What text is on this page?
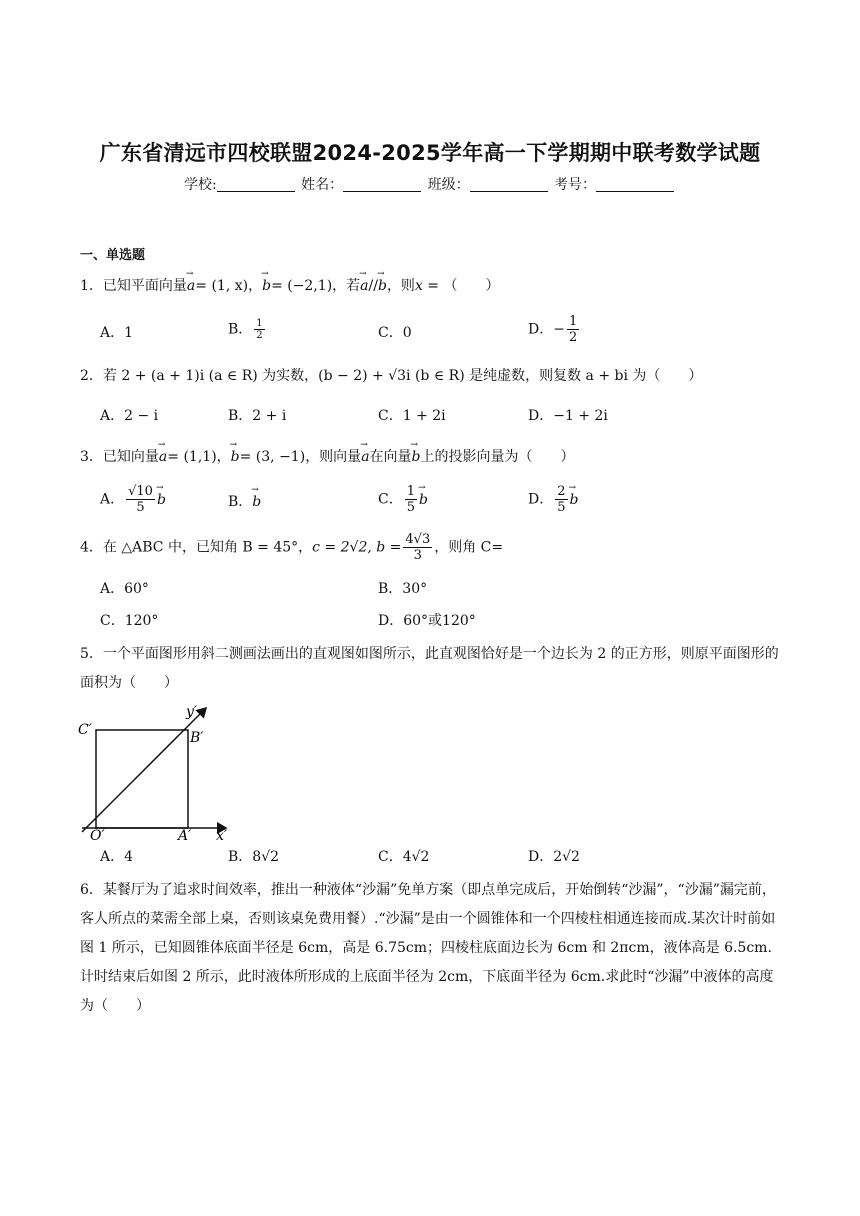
广东省清远市四校联盟2024-2025学年高一下学期期中联考数学试题
学校:	姓名：	班级：	考号：
一、单选题
1．已知平面向量→ a= (1, x)，→ b= (−2,1)，若→ a//→ b，则x = （　　）
A．1	B． $\frac{1}{2}$	C．0	D．− $\frac{1}{2}$
2．若 2 + (a + 1)i (a ∈ R) 为实数，(b − 2) + √3i (b ∈ R) 是纯虚数，则复数 a + bi 为（　　）
A．2 − i	B．2 + i	C．1 + 2i	D．−1 + 2i
3．已知向量→ a= (1,1)，→ b= (3, −1)，则向量→ a在向量→ b上的投影向量为（　　）
A． $\frac{√10}{5}$
→ b	B．→ b	C． $\frac{1}{5}$
→ b	D． $\frac{2}{5}$
→ b
4．在 △ABC 中，已知角 B = 45°，c = 2√2, $b = \frac{4√3}{3}$ ，则角 C=
A．60°	B．30°
C．120°	D．60°或120°
5．一个平面图形用斜二测画法画出的直观图如图所示，此直观图恰好是一个边长为 2 的正方形，则原平面图形的面积为（　　）
C′	B′
O′	A′ x′
y′
A．4	B．8√2	C．4√2	D．2√2
6．某餐厅为了追求时间效率，推出一种液体“沙漏”免单方案（即点单完成后，开始倒转“沙漏”，“沙漏”漏完前，客人所点的菜需全部上桌，否则该桌免费用餐）.“沙漏”是由一个圆锥体和一个四棱柱相通连接而成.某次计时前如图 1 所示，已知圆锥体底面半径是 6cm，高是 6.75cm；四棱柱底面边长为 6cm 和 2πcm，液体高是 6.5cm.计时结束后如图 2 所示，此时液体所形成的上底面半径为 2cm，下底面半径为 6cm.求此时“沙漏”中液体的高度为（　　）
